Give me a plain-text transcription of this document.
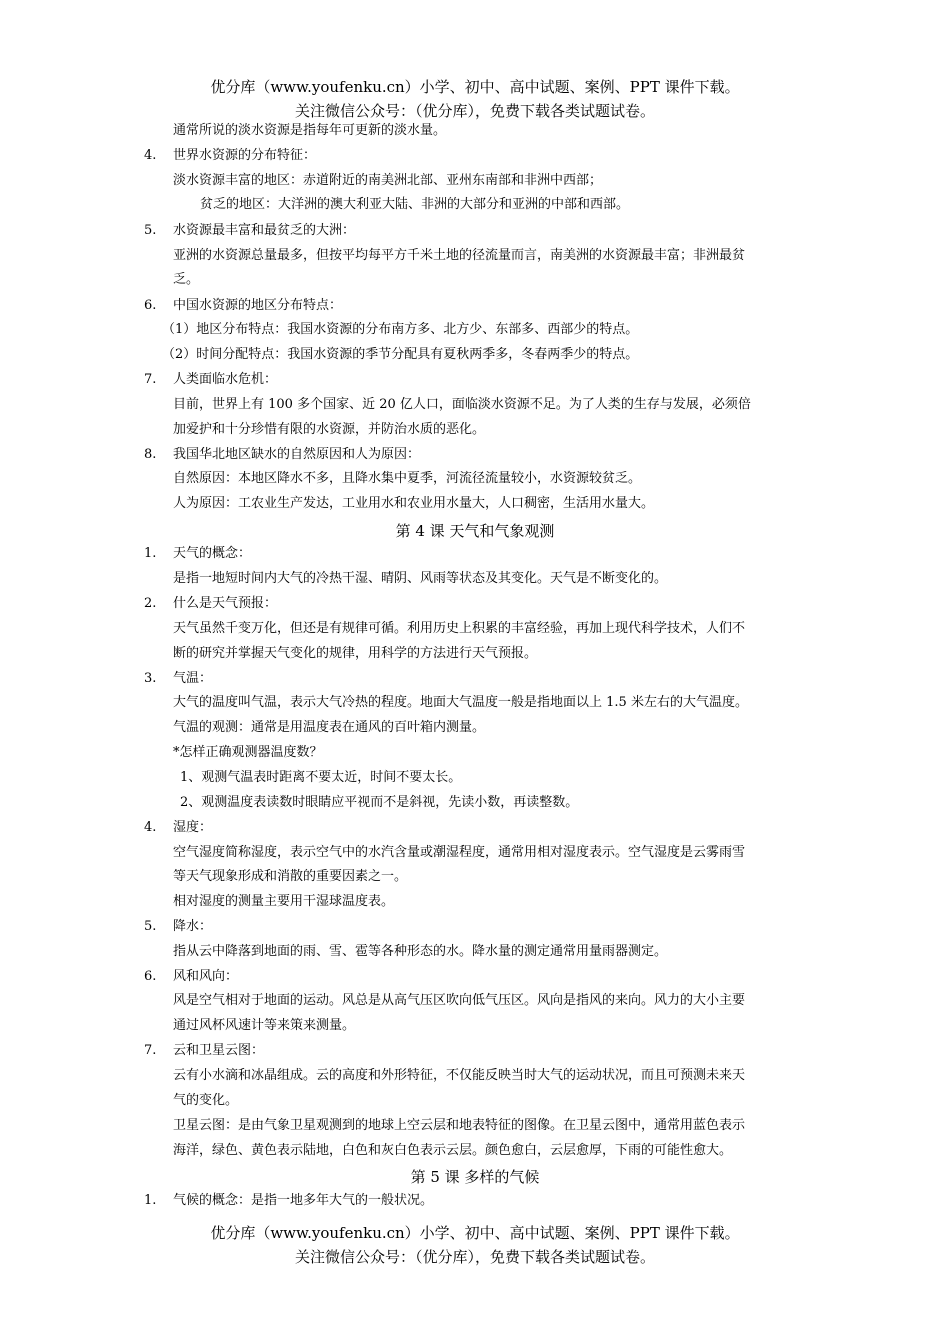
优分库（www.youfenku.cn）小学、初中、高中试题、案例、PPT 课件下载。
关注微信公众号：（优分库），免费下载各类试题试卷。
通常所说的淡水资源是指每年可更新的淡水量。
4. 世界水资源的分布特征：
淡水资源丰富的地区：赤道附近的南美洲北部、亚州东南部和非洲中西部；
贫乏的地区：大洋洲的澳大利亚大陆、非洲的大部分和亚洲的中部和西部。
5. 水资源最丰富和最贫乏的大洲：
亚洲的水资源总量最多，但按平均每平方千米土地的径流量而言，南美洲的水资源最丰富；非洲最贫
乏。
6. 中国水资源的地区分布特点：
（1）地区分布特点：我国水资源的分布南方多、北方少、东部多、西部少的特点。
（2）时间分配特点：我国水资源的季节分配具有夏秋两季多，冬春两季少的特点。
7. 人类面临水危机：
目前，世界上有 100 多个国家、近 20 亿人口，面临淡水资源不足。为了人类的生存与发展，必须倍
加爱护和十分珍惜有限的水资源，并防治水质的恶化。
8. 我国华北地区缺水的自然原因和人为原因：
自然原因：本地区降水不多，且降水集中夏季，河流径流量较小，水资源较贫乏。
人为原因：工农业生产发达，工业用水和农业用水量大，人口稠密，生活用水量大。
第 4 课 天气和气象观测
1. 天气的概念：
是指一地短时间内大气的冷热干湿、晴阴、风雨等状态及其变化。天气是不断变化的。
2. 什么是天气预报：
天气虽然千变万化，但还是有规律可循。利用历史上积累的丰富经验，再加上现代科学技术，人们不
断的研究并掌握天气变化的规律，用科学的方法进行天气预报。
3. 气温：
大气的温度叫气温，表示大气冷热的程度。地面大气温度一般是指地面以上 1.5 米左右的大气温度。
气温的观测：通常是用温度表在通风的百叶箱内测量。
*怎样正确观测器温度数？
1、观测气温表时距离不要太近，时间不要太长。
2、观测温度表读数时眼睛应平视而不是斜视，先读小数，再读整数。
4. 湿度：
空气湿度简称湿度，表示空气中的水汽含量或潮湿程度，通常用相对湿度表示。空气湿度是云雾雨雪
等天气现象形成和消散的重要因素之一。
相对湿度的测量主要用干湿球温度表。
5. 降水：
指从云中降落到地面的雨、雪、雹等各种形态的水。降水量的测定通常用量雨器测定。
6. 风和风向：
风是空气相对于地面的运动。风总是从高气压区吹向低气压区。风向是指风的来向。风力的大小主要
通过风杯风速计等来策来测量。
7. 云和卫星云图：
云有小水滴和冰晶组成。云的高度和外形特征，不仅能反映当时大气的运动状况，而且可预测未来天
气的变化。
卫星云图：是由气象卫星观测到的地球上空云层和地表特征的图像。在卫星云图中，通常用蓝色表示
海洋，绿色、黄色表示陆地，白色和灰白色表示云层。颜色愈白，云层愈厚，下雨的可能性愈大。
第 5 课 多样的气候
1. 气候的概念：是指一地多年大气的一般状况。
优分库（www.youfenku.cn）小学、初中、高中试题、案例、PPT 课件下载。
关注微信公众号：（优分库），免费下载各类试题试卷。
